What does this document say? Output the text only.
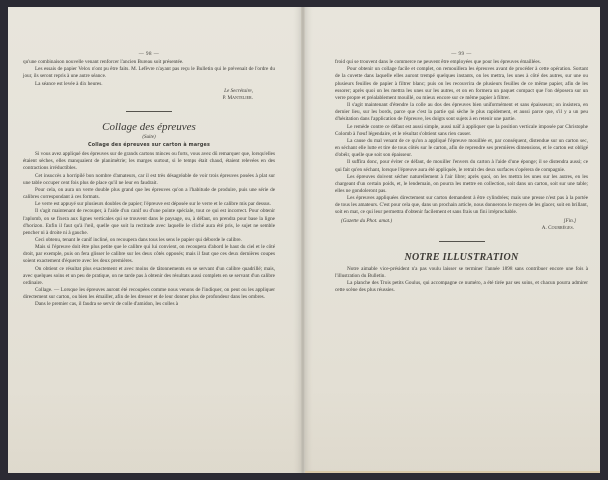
— 98 —

qu'une combinaison nouvelle venant renforcer l'ancien Bureau soit présentée.

Les essais de papier Velox n'ont pu être faits. M. Lefèvre n'ayant pas reçu le Bulletin qui le prévenait de l'ordre du jour, ils seront repris à une autre séance.

La séance est levée à dix heures.

Le Secrétaire,
P. Mantelier.
Collage des épreuves
(Suite)
Collage des épreuves sur carton à marges

Si vous avez appliqué des épreuves sur de grands cartons minces ou forts, vous avez dû remarquer que, lorsqu'elles étaient sèches, elles manquaient de planimétrie; les marges surtout, si le temps était chaud, étaient relevées en des contractions irréductibles.

Cet insuccès a horripilé bon nombre d'amateurs, car il est très désagréable de voir trois épreuves posées à plat sur une table occuper cent fois plus de place qu'il ne leur en faudrait.

Pour cela, on aura un verre double plus grand que les épreuves qu'on a l'habitude de produire, puis une série de calibres correspondant à ces formats.

Le verre est appuyé sur plusieurs doubles de papier; l'épreuve est déposée sur le verre et le calibre mis par dessus.

Il s'agit maintenant de recouper, à l'aide d'un canif ou d'une pointe spéciale, tout ce qui est incorrect. Pour obtenir l'aplomb, on se fixera aux lignes verticales qui se trouvent dans le paysage, ou, à défaut, on prendra pour base la ligne d'horizon. Enfin il faut qu'à l'œil, quelle que soit la rectitude avec laquelle le cliché aura été pris, le sujet ne semble pencher ni à droite ni à gauche.

Ceci obtenu, tenant le canif incliné, on recoupera dans tous les sens le papier qui déborde le calibre.

Mais si l'épreuve doit être plus petite que le calibre qui lui convient, on recoupera d'abord le haut du ciel et le côté droit, par exemple, puis on fera glisser le calibre sur les deux côtés opposés; mais il faut que ces deux dernières coupes soient exactement d'équerre avec les deux premières.

On obtient ce résultat plus exactement et avec moins de tâtonnements en se servant d'un calibre quadrillé; mais, avec quelques soins et un peu de pratique, on ne tarde pas à obtenir des résultats aussi complets en se servant d'un calibre ordinaire.

Collage. — Lorsque les épreuves auront été recoupées comme nous venons de l'indiquer, on peut ou les appliquer directement sur carton, ou bien les émailler, afin de les dresser et de leur donner plus de profondeur dans les ombres.

Dans le premier cas, il faudra se servir de colle d'amidon, les colles à

— 99 —

froid qui se trouvent dans le commerce ne peuvent être employées que pour les épreuves émaillées.

Pour obtenir un collage facile et complet, on remouillera les épreuves avant de procéder à cette opération. Sortant de la cuvette dans laquelle elles auront trempé quelques instants, on les mettra, les unes à côté des autres, sur une ou plusieurs feuilles de papier à filtrer blanc; puis on les recouvrira de plusieurs feuilles de ce même papier, afin de les essorer; après quoi on les mettra les unes sur les autres, et on en formera un paquet compact que l'on déposera sur un verre propre et préalablement mouillé, ou mieux encore sur ce même papier à filtrer.

Il s'agit maintenant d'étendre la colle au dos des épreuves bien uniformément et sans épaisseurs; on insistera, en dernier lieu, sur les bords, parce que c'est la partie qui sèche le plus rapidement, et aussi parce que, s'il y a un peu d'hésitation dans l'application de l'épreuve, les doigts sont sujets à en retenir une partie.

Le remède contre ce défaut est aussi simple, aussi naïf à appliquer que la position verticale imposée par Christophe Colomb à l'œuf légendaire, et le résultat s'obtient sans rien casser.

La cause du mal venant de ce qu'on a appliqué l'épreuve mouillée et, par conséquent, distendue sur un carton sec, en séchant elle lutte et tire de tous côtés sur le carton, afin de reprendre ses premières dimensions, et le carton est obligé d'obéir, quelle que soit son épaisseur.

Il suffira donc, pour éviter ce défaut, de mouiller l'envers du carton à l'aide d'une éponge; il se distendra aussi; ce qui fait qu'en séchant, lorsque l'épreuve aura été appliquée, le retrait des deux surfaces s'opérera de compagnie.

Les épreuves doivent sécher naturellement à l'air libre; après quoi, on les mettra les unes sur les autres, en les chargeant d'un certain poids, et, le lendemain, on pourra les mettre en collection, soit dans un carton, soit sur une table; elles ne gondoleront pas.

Les épreuves appliquées directement sur carton demandent à être cylindrées; mais une presse n'est pas à la portée de tous les amateurs. C'est pour cela que, dans un prochain article, nous donnerons le moyen de les glacer, soit en brillant, soit en mat, ce qui leur permettra d'obtenir facilement et sans frais un fini irréprochable.

(Gazette du Phot. amat.)	[Fin.]
A. Courrèges.
NOTRE ILLUSTRATION

Notre aimable vice-président n'a pas voulu laisser se terminer l'année 1898 sans contribuer encore une fois à l'illustration du Bulletin.

La planche des Trois petits Goulus, qui accompagne ce numéro, a été tirée par ses soins, et chacun pourra admirer cette scène des plus réussies.
